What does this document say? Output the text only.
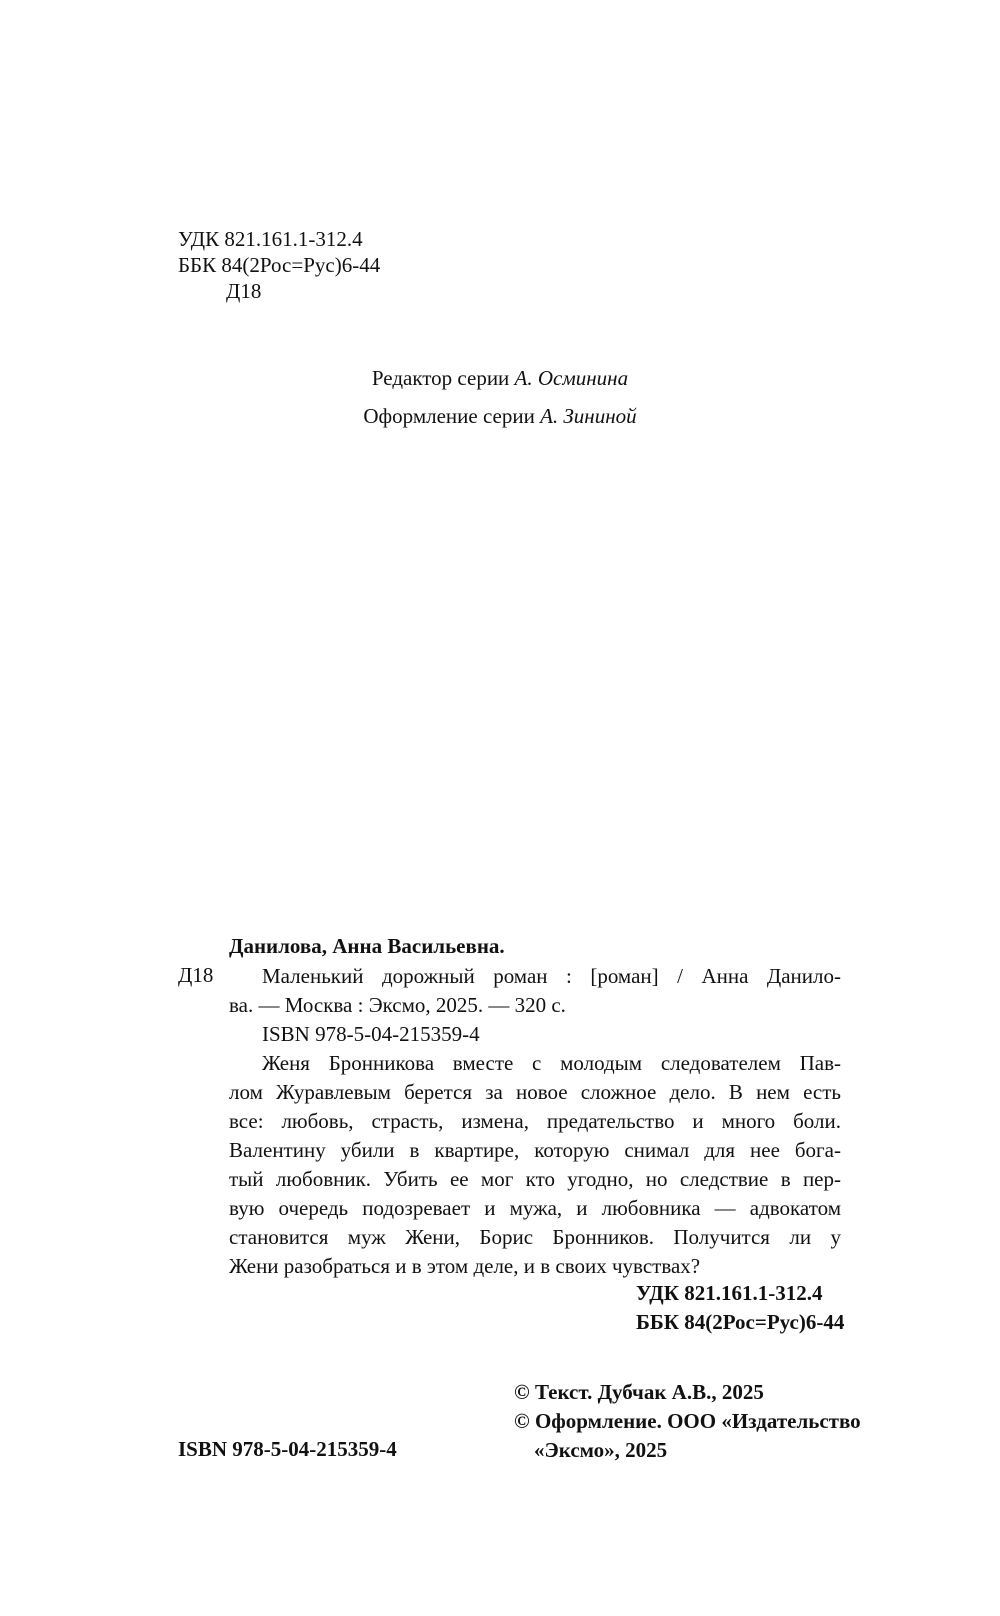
УДК 821.161.1-312.4
ББК 84(2Рос=Рус)6-44
Д18
Редактор серии А. Осминина
Оформление серии А. Зининой
Данилова, Анна Васильевна.
Д18	Маленький дорожный роман : [роман] / Анна Данило-
ва. — Москва : Эксмо, 2025. — 320 с.
ISBN 978-5-04-215359-4
Женя Бронникова вместе с молодым следователем Пав-
лом Журавлевым берется за новое сложное дело. В нем есть
все: любовь, страсть, измена, предательство и много боли.
Валентину убили в квартире, которую снимал для нее бога-
тый любовник. Убить ее мог кто угодно, но следствие в пер-
вую очередь подозревает и мужа, и любовника — адвокатом
становится муж Жени, Борис Бронников. Получится ли у
Жени разобраться и в этом деле, и в своих чувствах?
УДК 821.161.1-312.4
ББК 84(2Рос=Рус)6-44
© Текст. Дубчак А.В., 2025
© Оформление. ООО «Издательство
«Эксмо», 2025
ISBN 978-5-04-215359-4
